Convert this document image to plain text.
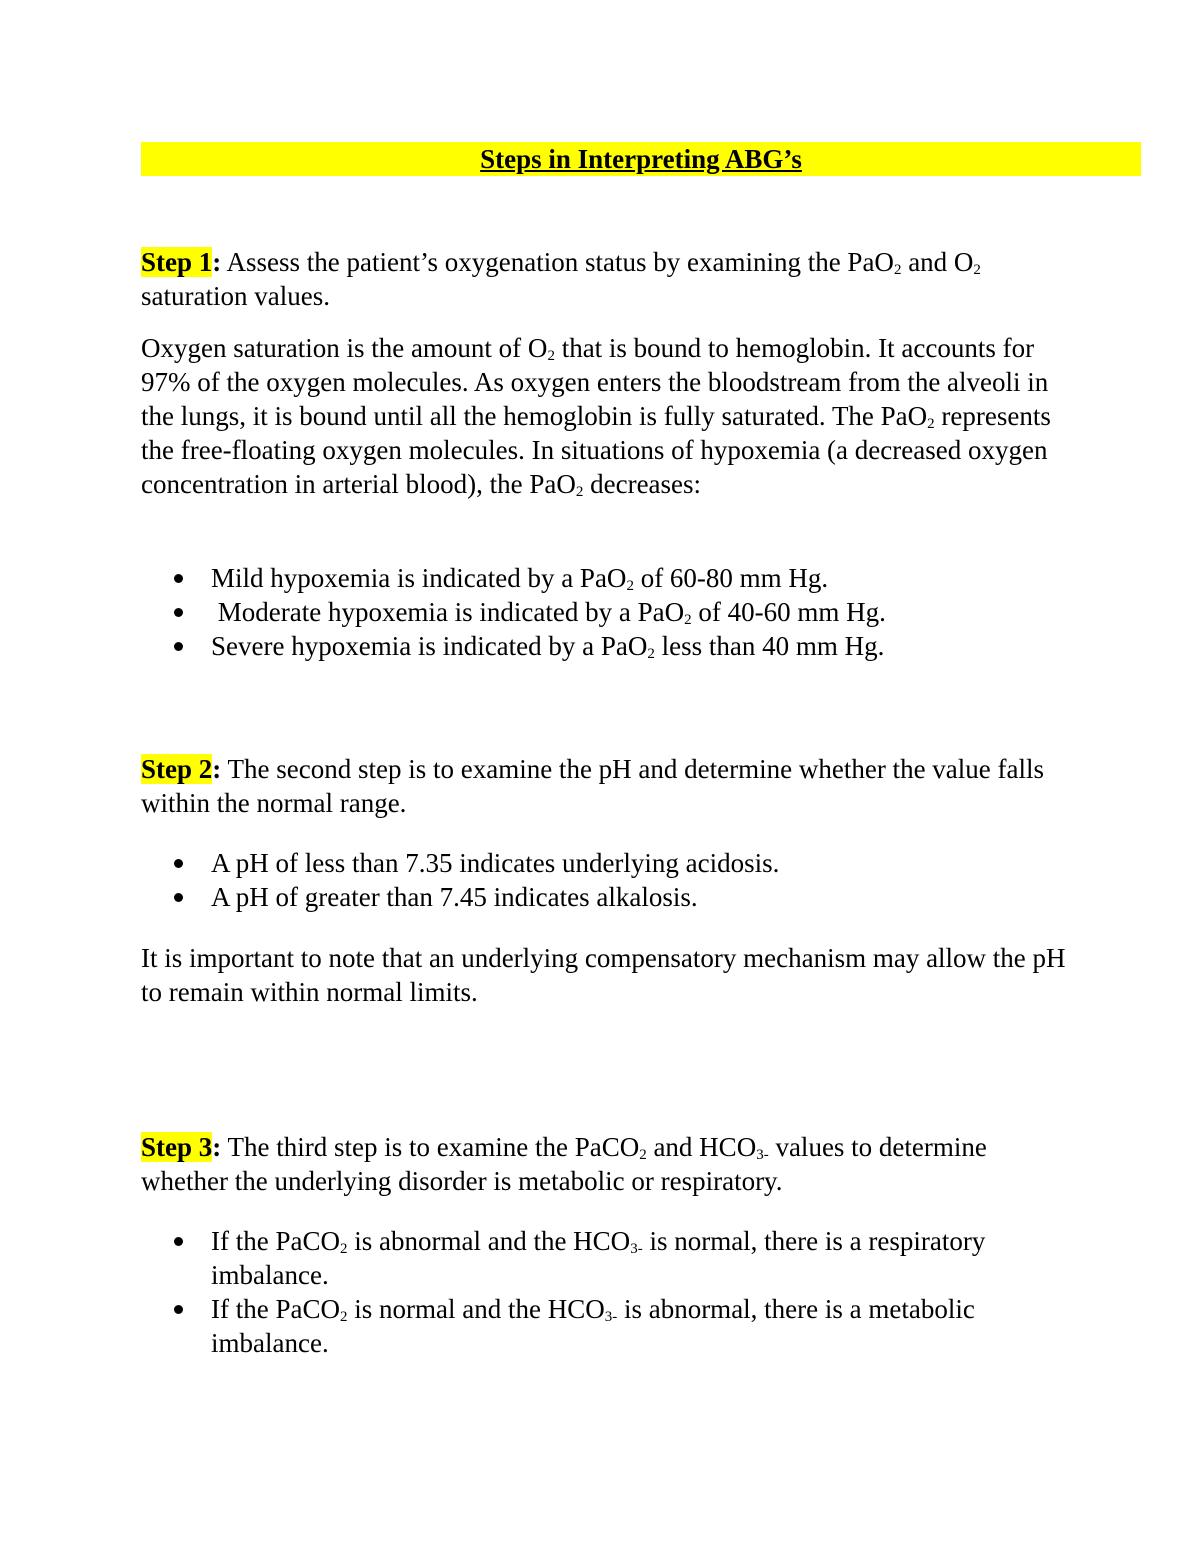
Steps in Interpreting ABG’s
Step 1: Assess the patient’s oxygenation status by examining the PaO$_2$ and $O_2$ saturation values.
Oxygen saturation is the amount of $O_2$ that is bound to hemoglobin. It accounts for 97% of the oxygen molecules. As oxygen enters the bloodstream from the alveoli in the lungs, it is bound until all the hemoglobin is fully saturated. The PaO$_2$ represents the free-floating oxygen molecules. In situations of hypoxemia (a decreased oxygen concentration in arterial blood), the PaO$_2$ decreases:
Mild hypoxemia is indicated by a PaO$_2$ of 60-80 mm Hg.
Moderate hypoxemia is indicated by a PaO$_2$ of 40-60 mm Hg.
Severe hypoxemia is indicated by a PaO$_2$ less than 40 mm Hg.
Step 2: The second step is to examine the pH and determine whether the value falls within the normal range.
A pH of less than 7.35 indicates underlying acidosis.
A pH of greater than 7.45 indicates alkalosis.
It is important to note that an underlying compensatory mechanism may allow the pH to remain within normal limits.
Step 3: The third step is to examine the PaCO$_2$ and $HCO_{3-}$ values to determine whether the underlying disorder is metabolic or respiratory.
If the PaCO$_2$ is abnormal and the $HCO_{3-}$ is normal, there is a respiratory imbalance.
If the PaCO$_2$ is normal and the $HCO_{3-}$ is abnormal, there is a metabolic imbalance.
